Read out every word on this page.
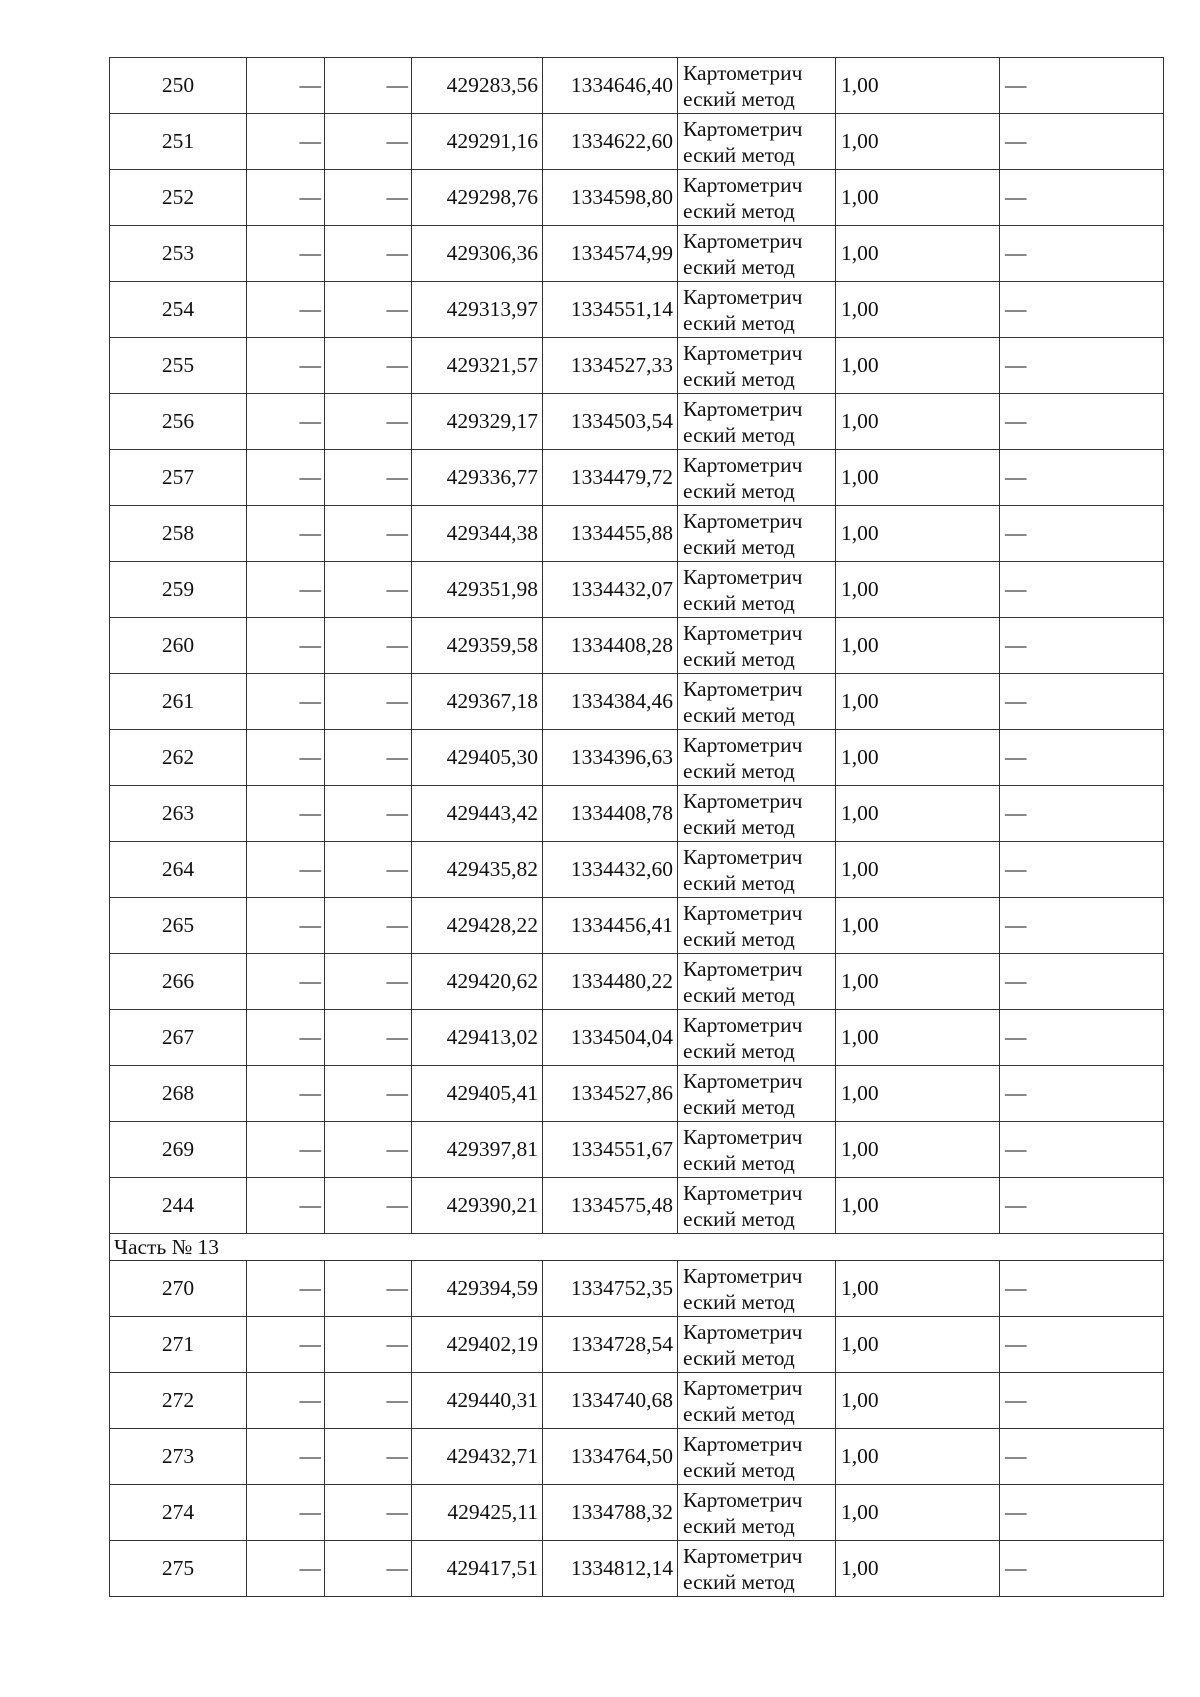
250	—	—	429283,56	1334646,40	Картометрич
еский метод	1,00	—
251	—	—	429291,16	1334622,60	Картометрич
еский метод	1,00	—
252	—	—	429298,76	1334598,80	Картометрич
еский метод	1,00	—
253	—	—	429306,36	1334574,99	Картометрич
еский метод	1,00	—
254	—	—	429313,97	1334551,14	Картометрич
еский метод	1,00	—
255	—	—	429321,57	1334527,33	Картометрич
еский метод	1,00	—
256	—	—	429329,17	1334503,54	Картометрич
еский метод	1,00	—
257	—	—	429336,77	1334479,72	Картометрич
еский метод	1,00	—
258	—	—	429344,38	1334455,88	Картометрич
еский метод	1,00	—
259	—	—	429351,98	1334432,07	Картометрич
еский метод	1,00	—
260	—	—	429359,58	1334408,28	Картометрич
еский метод	1,00	—
261	—	—	429367,18	1334384,46	Картометрич
еский метод	1,00	—
262	—	—	429405,30	1334396,63	Картометрич
еский метод	1,00	—
263	—	—	429443,42	1334408,78	Картометрич
еский метод	1,00	—
264	—	—	429435,82	1334432,60	Картометрич
еский метод	1,00	—
265	—	—	429428,22	1334456,41	Картометрич
еский метод	1,00	—
266	—	—	429420,62	1334480,22	Картометрич
еский метод	1,00	—
267	—	—	429413,02	1334504,04	Картометрич
еский метод	1,00	—
268	—	—	429405,41	1334527,86	Картометрич
еский метод	1,00	—
269	—	—	429397,81	1334551,67	Картометрич
еский метод	1,00	—
244	—	—	429390,21	1334575,48	Картометрич
еский метод	1,00	—
Часть № 13							
270	—	—	429394,59	1334752,35	Картометрич
еский метод	1,00	—
271	—	—	429402,19	1334728,54	Картометрич
еский метод	1,00	—
272	—	—	429440,31	1334740,68	Картометрич
еский метод	1,00	—
273	—	—	429432,71	1334764,50	Картометрич
еский метод	1,00	—
274	—	—	429425,11	1334788,32	Картометрич
еский метод	1,00	—
275	—	—	429417,51	1334812,14	Картометрич
еский метод	1,00	—
